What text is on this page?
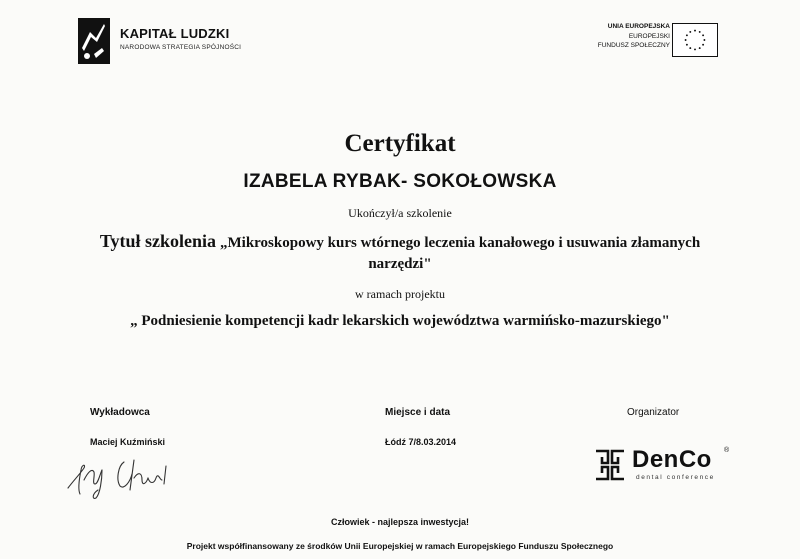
KAPITAŁ LUDZKI
NARODOWA STRATEGIA SPÓJNOŚCI
UNIA EUROPEJSKA
EUROPEJSKI
FUNDUSZ SPOŁECZNY
Certyfikat
IZABELA RYBAK- SOKOŁOWSKA
Ukończył/a szkolenie
Tytuł szkolenia „Mikroskopowy kurs wtórnego leczenia kanałowego i usuwania złamanych
narzędzi"
w ramach projektu
„ Podniesienie kompetencji kadr lekarskich województwa warmińsko-mazurskiego"
Wykładowca
Maciej Kuźmiński
Miejsce i data
Łódź 7/8.03.2014
Organizator
DenCo ®
dental conference
Człowiek - najlepsza inwestycja!
Projekt współfinansowany ze środków Unii Europejskiej w ramach Europejskiego Funduszu Społecznego
